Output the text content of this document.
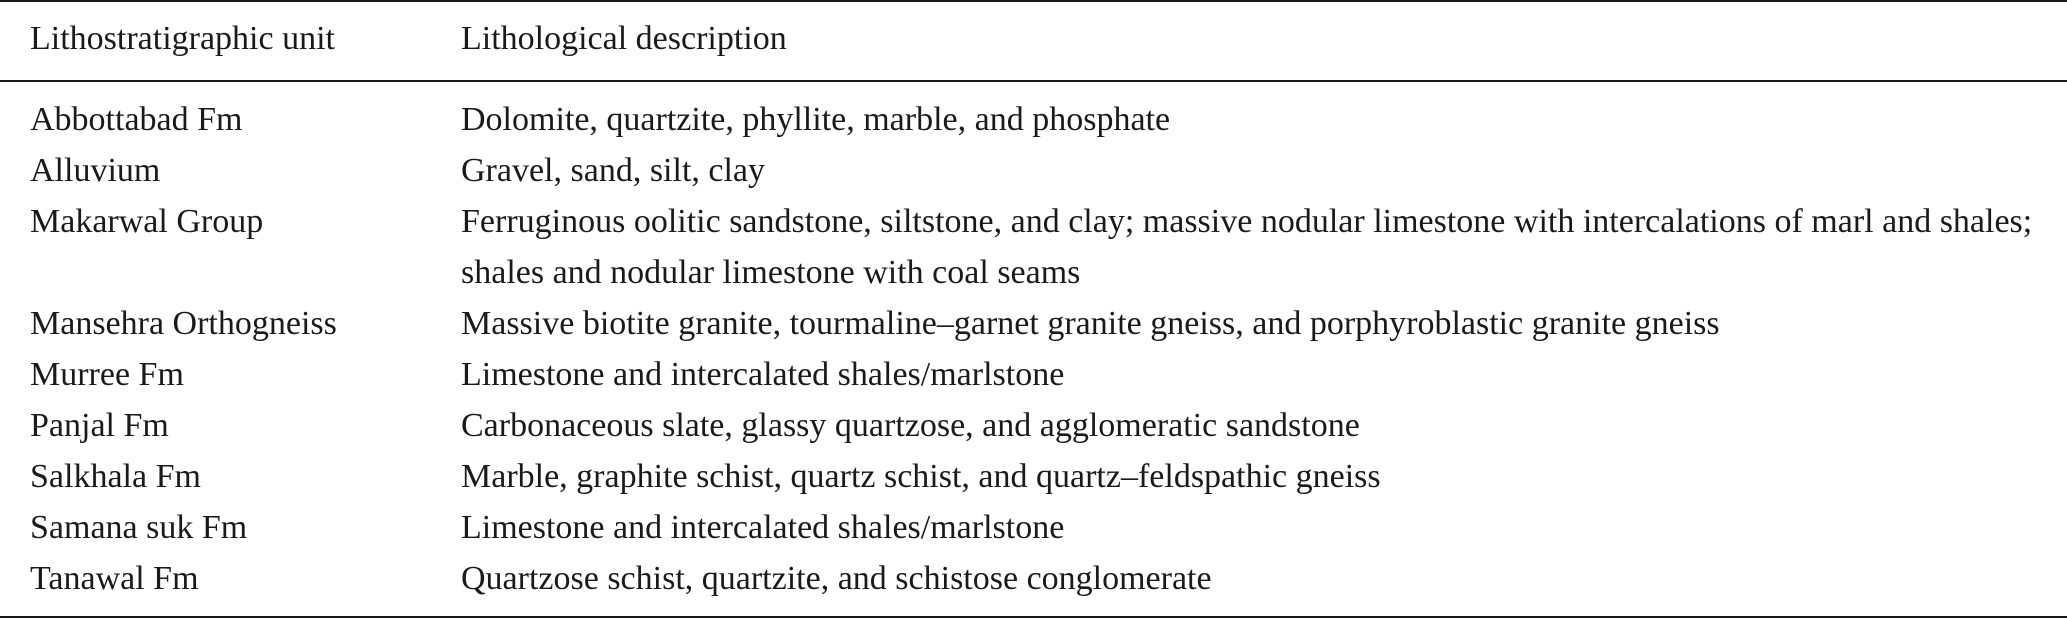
Lithostratigraphic unit	Lithological description
Abbottabad Fm	Dolomite, quartzite, phyllite, marble, and phosphate
Alluvium	Gravel, sand, silt, clay
Makarwal Group	Ferruginous oolitic sandstone, siltstone, and clay; massive nodular limestone with intercalations of marl and shales; shales and nodular limestone with coal seams
Mansehra Orthogneiss	Massive biotite granite, tourmaline–garnet granite gneiss, and porphyroblastic granite gneiss
Murree Fm	Limestone and intercalated shales/marlstone
Panjal Fm	Carbonaceous slate, glassy quartzose, and agglomeratic sandstone
Salkhala Fm	Marble, graphite schist, quartz schist, and quartz–feldspathic gneiss
Samana suk Fm	Limestone and intercalated shales/marlstone
Tanawal Fm	Quartzose schist, quartzite, and schistose conglomerate
